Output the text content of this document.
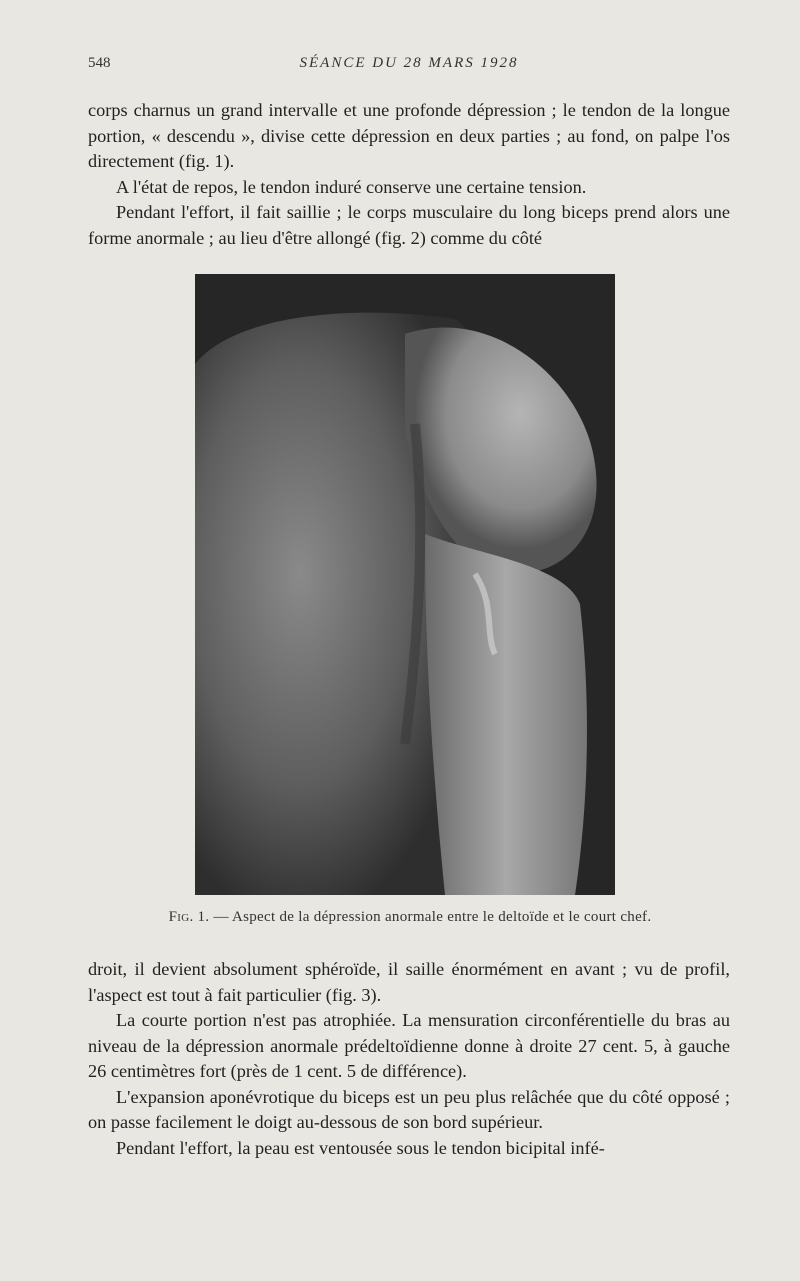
548	SÉANCE DU 28 MARS 1928

corps charnus un grand intervalle et une profonde dépression ; le tendon de la longue portion, « descendu », divise cette dépression en deux parties ; au fond, on palpe l'os directement (fig. 1).

A l'état de repos, le tendon induré conserve une certaine tension.

Pendant l'effort, il fait saillie ; le corps musculaire du long biceps prend alors une forme anormale ; au lieu d'être allongé (fig. 2) comme du côté

Fig. 1. — Aspect de la dépression anormale entre le deltoïde et le court chef.

droit, il devient absolument sphéroïde, il saille énormément en avant ; vu de profil, l'aspect est tout à fait particulier (fig. 3).

La courte portion n'est pas atrophiée. La mensuration circonférentielle du bras au niveau de la dépression anormale prédeltoïdienne donne à droite 27 cent. 5, à gauche 26 centimètres fort (près de 1 cent. 5 de différence).

L'expansion aponévrotique du biceps est un peu plus relâchée que du côté opposé ; on passe facilement le doigt au-dessous de son bord supérieur.

Pendant l'effort, la peau est ventousée sous le tendon bicipital infé-
